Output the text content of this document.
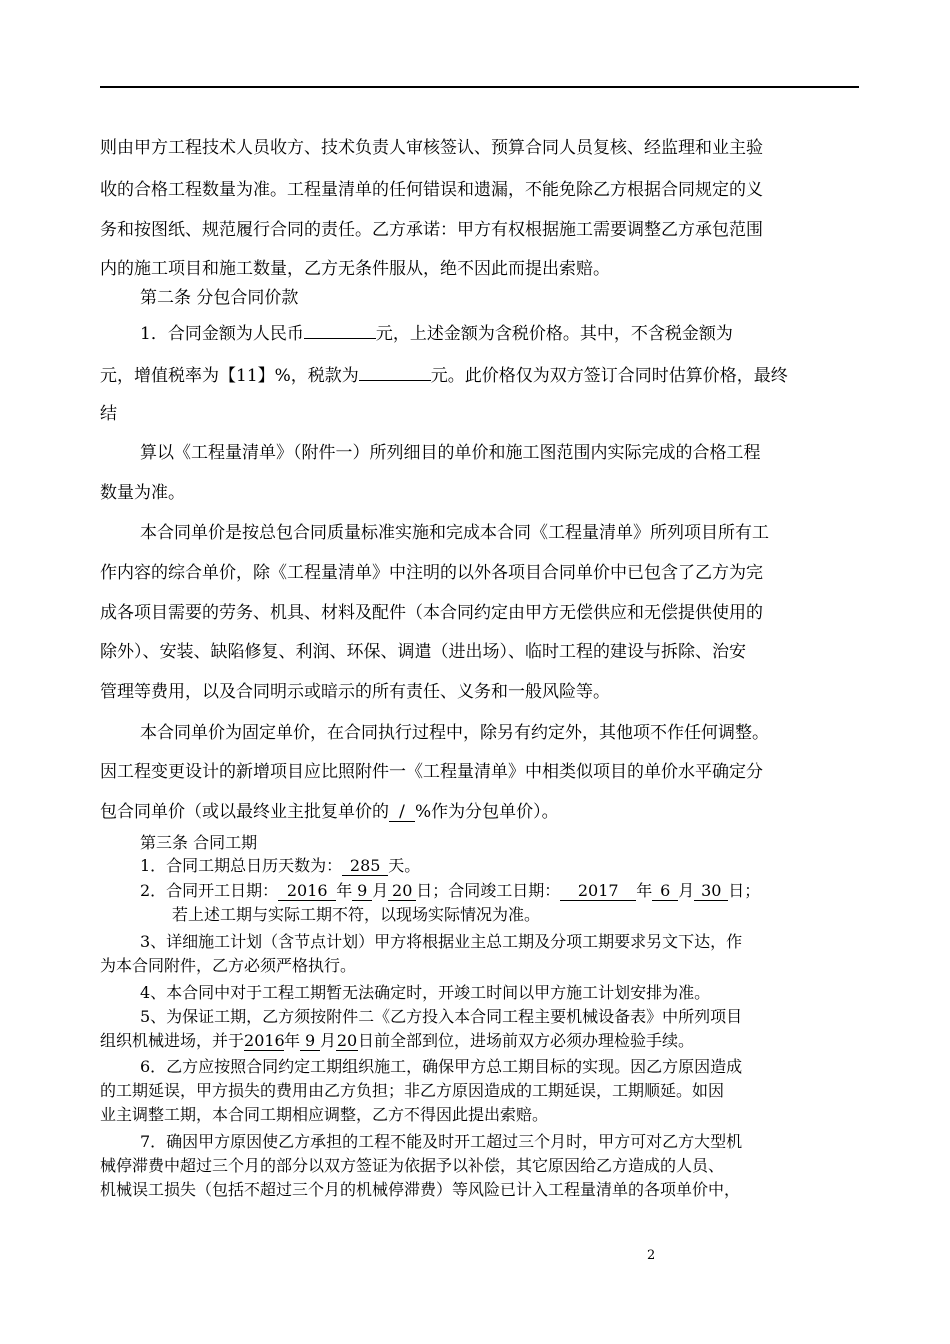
则由甲方工程技术人员收方、技术负责人审核签认、预算合同人员复核、经监理和业主验
收的合格工程数量为准。工程量清单的任何错误和遗漏，不能免除乙方根据合同规定的义
务和按图纸、规范履行合同的责任。乙方承诺：甲方有权根据施工需要调整乙方承包范围
内的施工项目和施工数量，乙方无条件服从，绝不因此而提出索赔。
第二条 分包合同价款
1．合同金额为人民币	元，上述金额为含税价格。其中，不含税金额为
元，增值税率为【11】%，税款为	元。此价格仅为双方签订合同时估算价格，最终
结
算以《工程量清单》（附件一）所列细目的单价和施工图范围内实际完成的合格工程
数量为准。
本合同单价是按总包合同质量标准实施和完成本合同《工程量清单》所列项目所有工
作内容的综合单价，除《工程量清单》中注明的以外各项目合同单价中已包含了乙方为完
成各项目需要的劳务、机具、材料及配件（本合同约定由甲方无偿供应和无偿提供使用的
除外）、安装、缺陷修复、利润、环保、调遣（进出场）、临时工程的建设与拆除、治安
管理等费用，以及合同明示或暗示的所有责任、义务和一般风险等。
本合同单价为固定单价，在合同执行过程中，除另有约定外，其他项不作任何调整。
因工程变更设计的新增项目应比照附件一《工程量清单》中相类似项目的单价水平确定分
包合同单价（或以最终业主批复单价的 / %作为分包单价）。
第三条 合同工期
1．合同工期总日历天数为： 285 天。
2．合同开工日期： 2016 年 9 月 20 日；合同竣工日期： 2017 年 6 月 30 日；
若上述工期与实际工期不符，以现场实际情况为准。
3、详细施工计划（含节点计划）甲方将根据业主总工期及分项工期要求另文下达，作
为本合同附件，乙方必须严格执行。
4、本合同中对于工程工期暂无法确定时，开竣工时间以甲方施工计划安排为准。
5、为保证工期，乙方须按附件二《乙方投入本合同工程主要机械设备表》中所列项目
组织机械进场，并于2016年 9 月20日前全部到位，进场前双方必须办理检验手续。
6．乙方应按照合同约定工期组织施工，确保甲方总工期目标的实现。因乙方原因造成
的工期延误，甲方损失的费用由乙方负担；非乙方原因造成的工期延误，工期顺延。如因
业主调整工期，本合同工期相应调整，乙方不得因此提出索赔。
7．确因甲方原因使乙方承担的工程不能及时开工超过三个月时，甲方可对乙方大型机
械停滞费中超过三个月的部分以双方签证为依据予以补偿，其它原因给乙方造成的人员、
机械误工损失（包括不超过三个月的机械停滞费）等风险已计入工程量清单的各项单价中，
2
